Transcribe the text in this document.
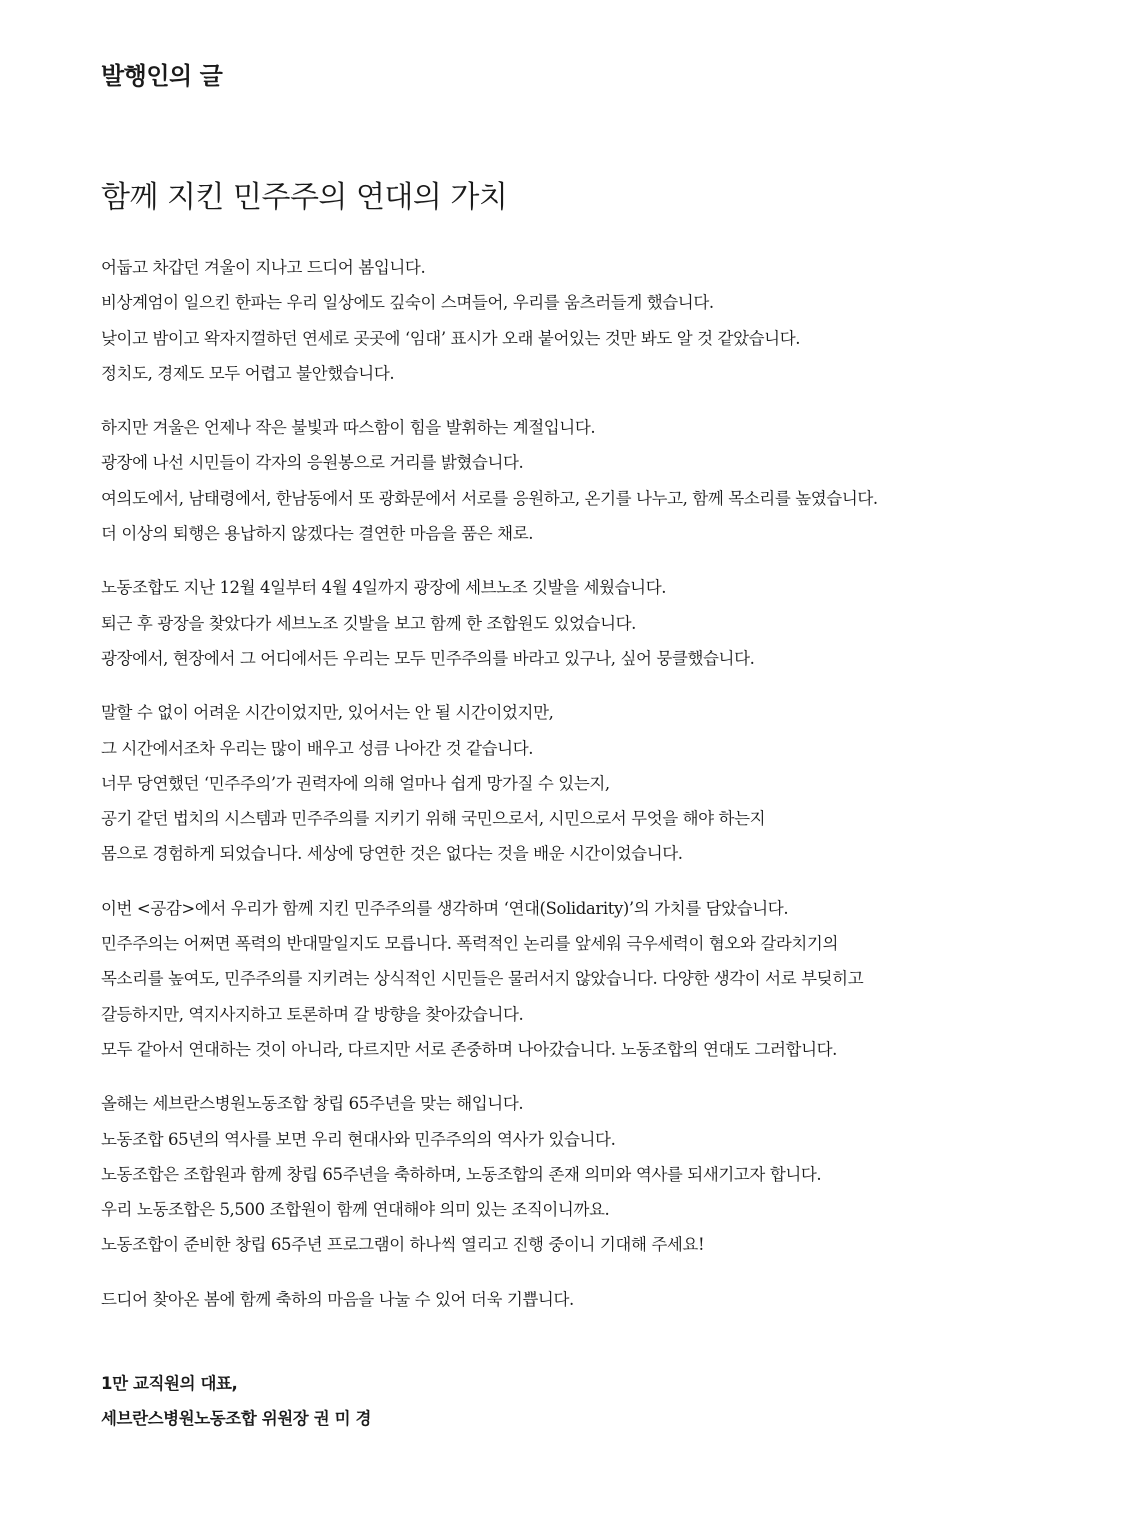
발행인의 글
함께 지킨 민주주의 연대의 가치
어둡고 차갑던 겨울이 지나고 드디어 봄입니다.
비상계엄이 일으킨 한파는 우리 일상에도 깊숙이 스며들어, 우리를 움츠러들게 했습니다.
낮이고 밤이고 왁자지껄하던 연세로 곳곳에 ‘임대’ 표시가 오래 붙어있는 것만 봐도 알 것 같았습니다.
정치도, 경제도 모두 어렵고 불안했습니다.
하지만 겨울은 언제나 작은 불빛과 따스함이 힘을 발휘하는 계절입니다.
광장에 나선 시민들이 각자의 응원봉으로 거리를 밝혔습니다.
여의도에서, 남태령에서, 한남동에서 또 광화문에서 서로를 응원하고, 온기를 나누고, 함께 목소리를 높였습니다.
더 이상의 퇴행은 용납하지 않겠다는 결연한 마음을 품은 채로.
노동조합도 지난 12월 4일부터 4월 4일까지 광장에 세브노조 깃발을 세웠습니다.
퇴근 후 광장을 찾았다가 세브노조 깃발을 보고 함께 한 조합원도 있었습니다.
광장에서, 현장에서 그 어디에서든 우리는 모두 민주주의를 바라고 있구나, 싶어 뭉클했습니다.
말할 수 없이 어려운 시간이었지만, 있어서는 안 될 시간이었지만,
그 시간에서조차 우리는 많이 배우고 성큼 나아간 것 같습니다.
너무 당연했던 ‘민주주의’가 권력자에 의해 얼마나 쉽게 망가질 수 있는지,
공기 같던 법치의 시스템과 민주주의를 지키기 위해 국민으로서, 시민으로서 무엇을 해야 하는지
몸으로 경험하게 되었습니다. 세상에 당연한 것은 없다는 것을 배운 시간이었습니다.
이번 <공감>에서 우리가 함께 지킨 민주주의를 생각하며 ‘연대(Solidarity)’의 가치를 담았습니다.
민주주의는 어쩌면 폭력의 반대말일지도 모릅니다. 폭력적인 논리를 앞세워 극우세력이 혐오와 갈라치기의
목소리를 높여도, 민주주의를 지키려는 상식적인 시민들은 물러서지 않았습니다. 다양한 생각이 서로 부딪히고
갈등하지만, 역지사지하고 토론하며 갈 방향을 찾아갔습니다.
모두 같아서 연대하는 것이 아니라, 다르지만 서로 존중하며 나아갔습니다. 노동조합의 연대도 그러합니다.
올해는 세브란스병원노동조합 창립 65주년을 맞는 해입니다.
노동조합 65년의 역사를 보면 우리 현대사와 민주주의의 역사가 있습니다.
노동조합은 조합원과 함께 창립 65주년을 축하하며, 노동조합의 존재 의미와 역사를 되새기고자 합니다.
우리 노동조합은 5,500 조합원이 함께 연대해야 의미 있는 조직이니까요.
노동조합이 준비한 창립 65주년 프로그램이 하나씩 열리고 진행 중이니 기대해 주세요!
드디어 찾아온 봄에 함께 축하의 마음을 나눌 수 있어 더욱 기쁩니다.
1만 교직원의 대표,
세브란스병원노동조합 위원장 권 미 경
